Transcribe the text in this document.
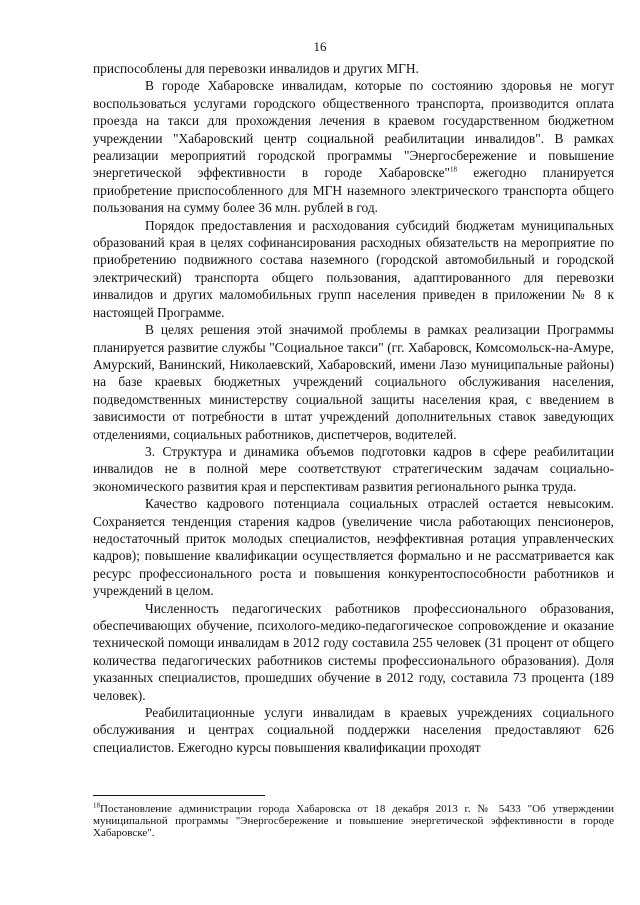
16

приспособлены для перевозки инвалидов и других МГН.

В городе Хабаровске инвалидам, которые по состоянию здоровья не могут воспользоваться услугами городского общественного транспорта, производится оплата проезда на такси для прохождения лечения в краевом государственном бюджетном учреждении "Хабаровский центр социальной реабилитации инвалидов". В рамках реализации мероприятий городской программы "Энергосбережение и повышение энергетической эффективности в городе Хабаровске"$^{18}$ ежегодно планируется приобретение приспособленного для МГН наземного электрического транспорта общего пользования на сумму более 36 млн. рублей в год.

Порядок предоставления и расходования субсидий бюджетам муниципальных образований края в целях софинансирования расходных обязательств на мероприятие по приобретению подвижного состава наземного (городской автомобильный и городской электрический) транспорта общего пользования, адаптированного для перевозки инвалидов и других маломобильных групп населения приведен в приложении № 8 к настоящей Программе.

В целях решения этой значимой проблемы в рамках реализации Программы планируется развитие службы "Социальное такси" (гг. Хабаровск, Комсомольск-на-Амуре, Амурский, Ванинский, Николаевский, Хабаровский, имени Лазо муниципальные районы) на базе краевых бюджетных учреждений социального обслуживания населения, подведомственных министерству социальной защиты населения края, с введением в зависимости от потребности в штат учреждений дополнительных ставок заведующих отделениями, социальных работников, диспетчеров, водителей.

3. Структура и динамика объемов подготовки кадров в сфере реабилитации инвалидов не в полной мере соответствуют стратегическим задачам социально-экономического развития края и перспективам развития регионального рынка труда.

Качество кадрового потенциала социальных отраслей остается невысоким. Сохраняется тенденция старения кадров (увеличение числа работающих пенсионеров, недостаточный приток молодых специалистов, неэффективная ротация управленческих кадров); повышение квалификации осуществляется формально и не рассматривается как ресурс профессионального роста и повышения конкурентоспособности работников и учреждений в целом.

Численность педагогических работников профессионального образования, обеспечивающих обучение, психолого-медико-педагогическое сопровождение и оказание технической помощи инвалидам в 2012 году составила 255 человек (31 процент от общего количества педагогических работников системы профессионального образования). Доля указанных специалистов, прошедших обучение в 2012 году, составила 73 процента (189 человек).

Реабилитационные услуги инвалидам в краевых учреждениях социального обслуживания и центрах социальной поддержки населения предоставляют 626 специалистов. Ежегодно курсы повышения квалификации проходят

$^{18}$Постановление администрации города Хабаровска от 18 декабря 2013 г. № 5433 "Об утверждении муниципальной программы "Энергосбережение и повышение энергетической эффективности в городе Хабаровске".
